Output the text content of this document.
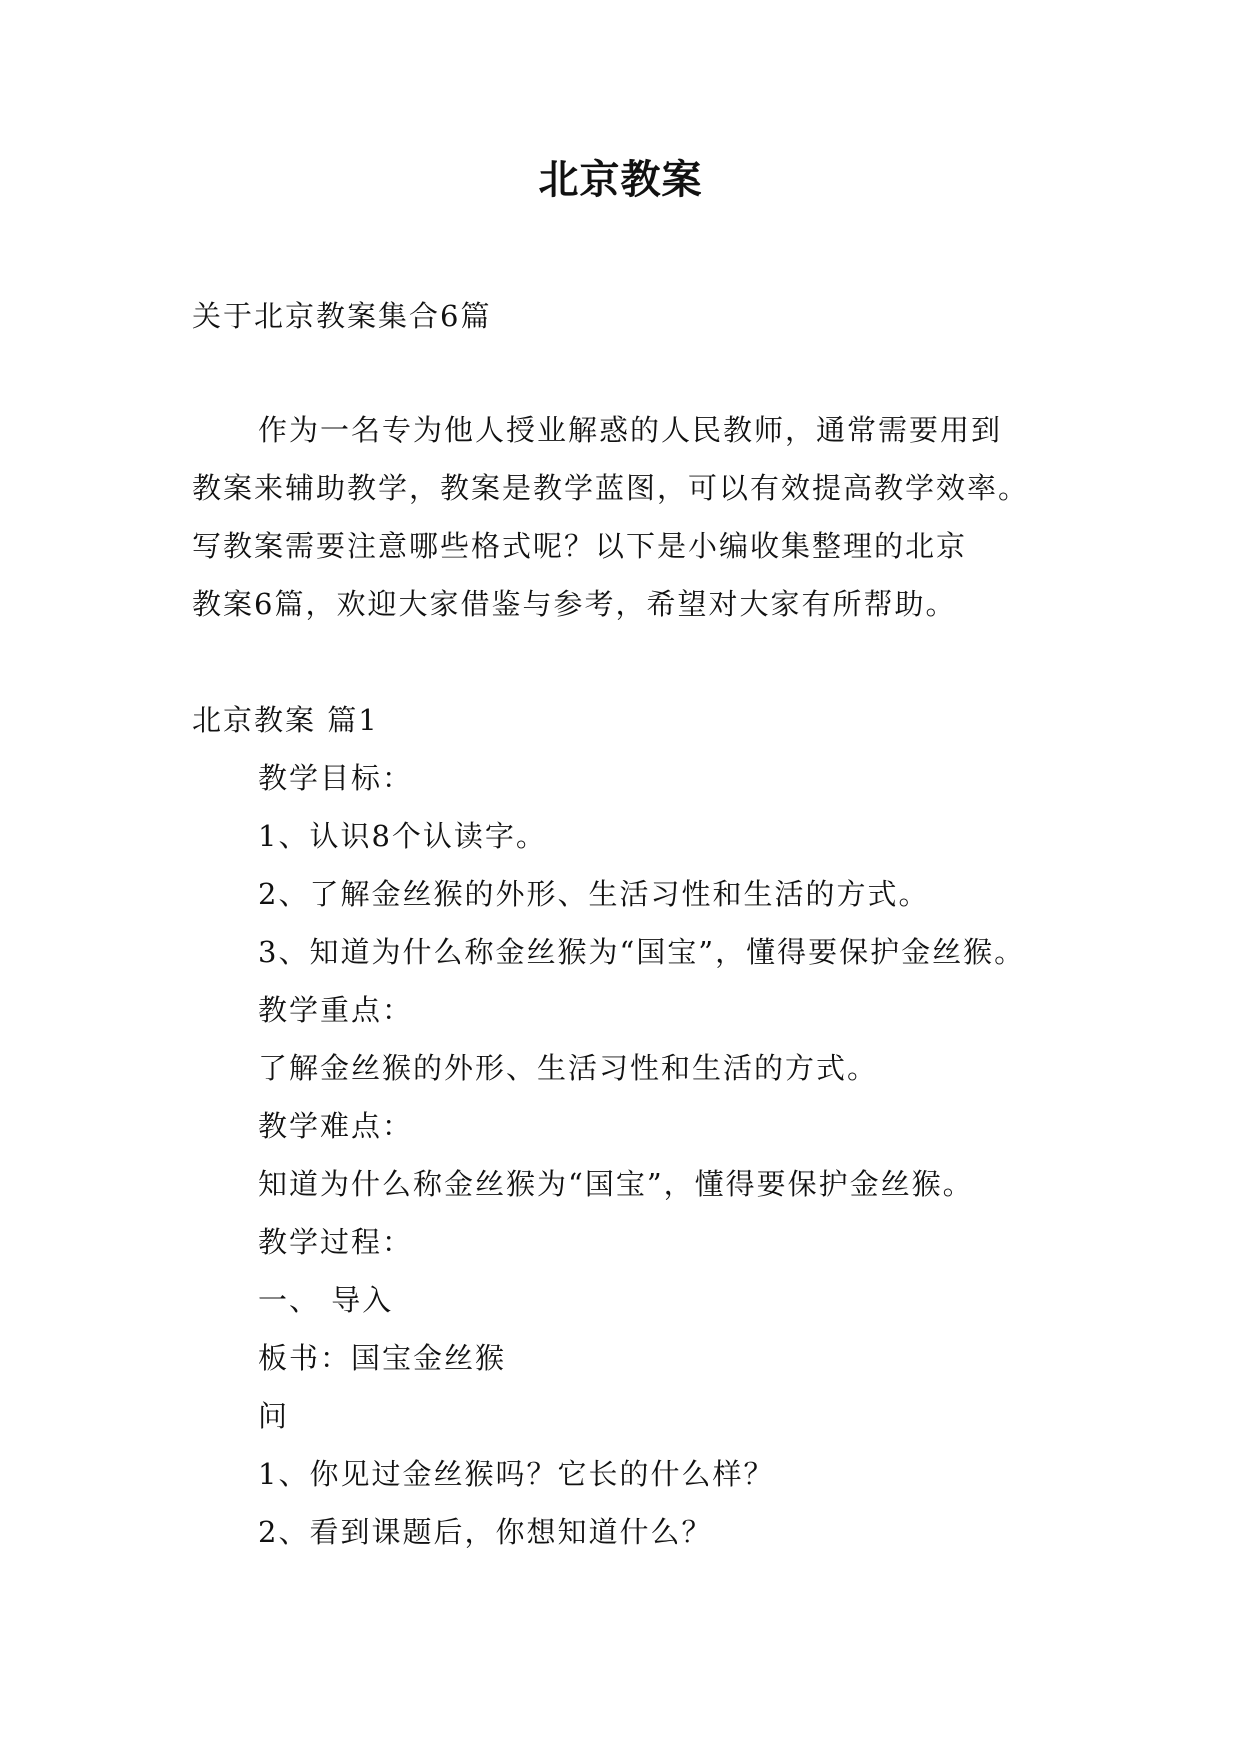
北京教案
关于北京教案集合6篇
作为一名专为他人授业解惑的人民教师，通常需要用到
教案来辅助教学，教案是教学蓝图，可以有效提高教学效率。
写教案需要注意哪些格式呢？以下是小编收集整理的北京
教案6篇，欢迎大家借鉴与参考，希望对大家有所帮助。
北京教案 篇1
教学目标：
1、认识8个认读字。
2、了解金丝猴的外形、生活习性和生活的方式。
3、知道为什么称金丝猴为“国宝”，懂得要保护金丝猴。
教学重点：
了解金丝猴的外形、生活习性和生活的方式。
教学难点：
知道为什么称金丝猴为“国宝”，懂得要保护金丝猴。
教学过程：
一、 导入
板书：国宝金丝猴
问
1、你见过金丝猴吗？它长的什么样？
2、看到课题后，你想知道什么？
